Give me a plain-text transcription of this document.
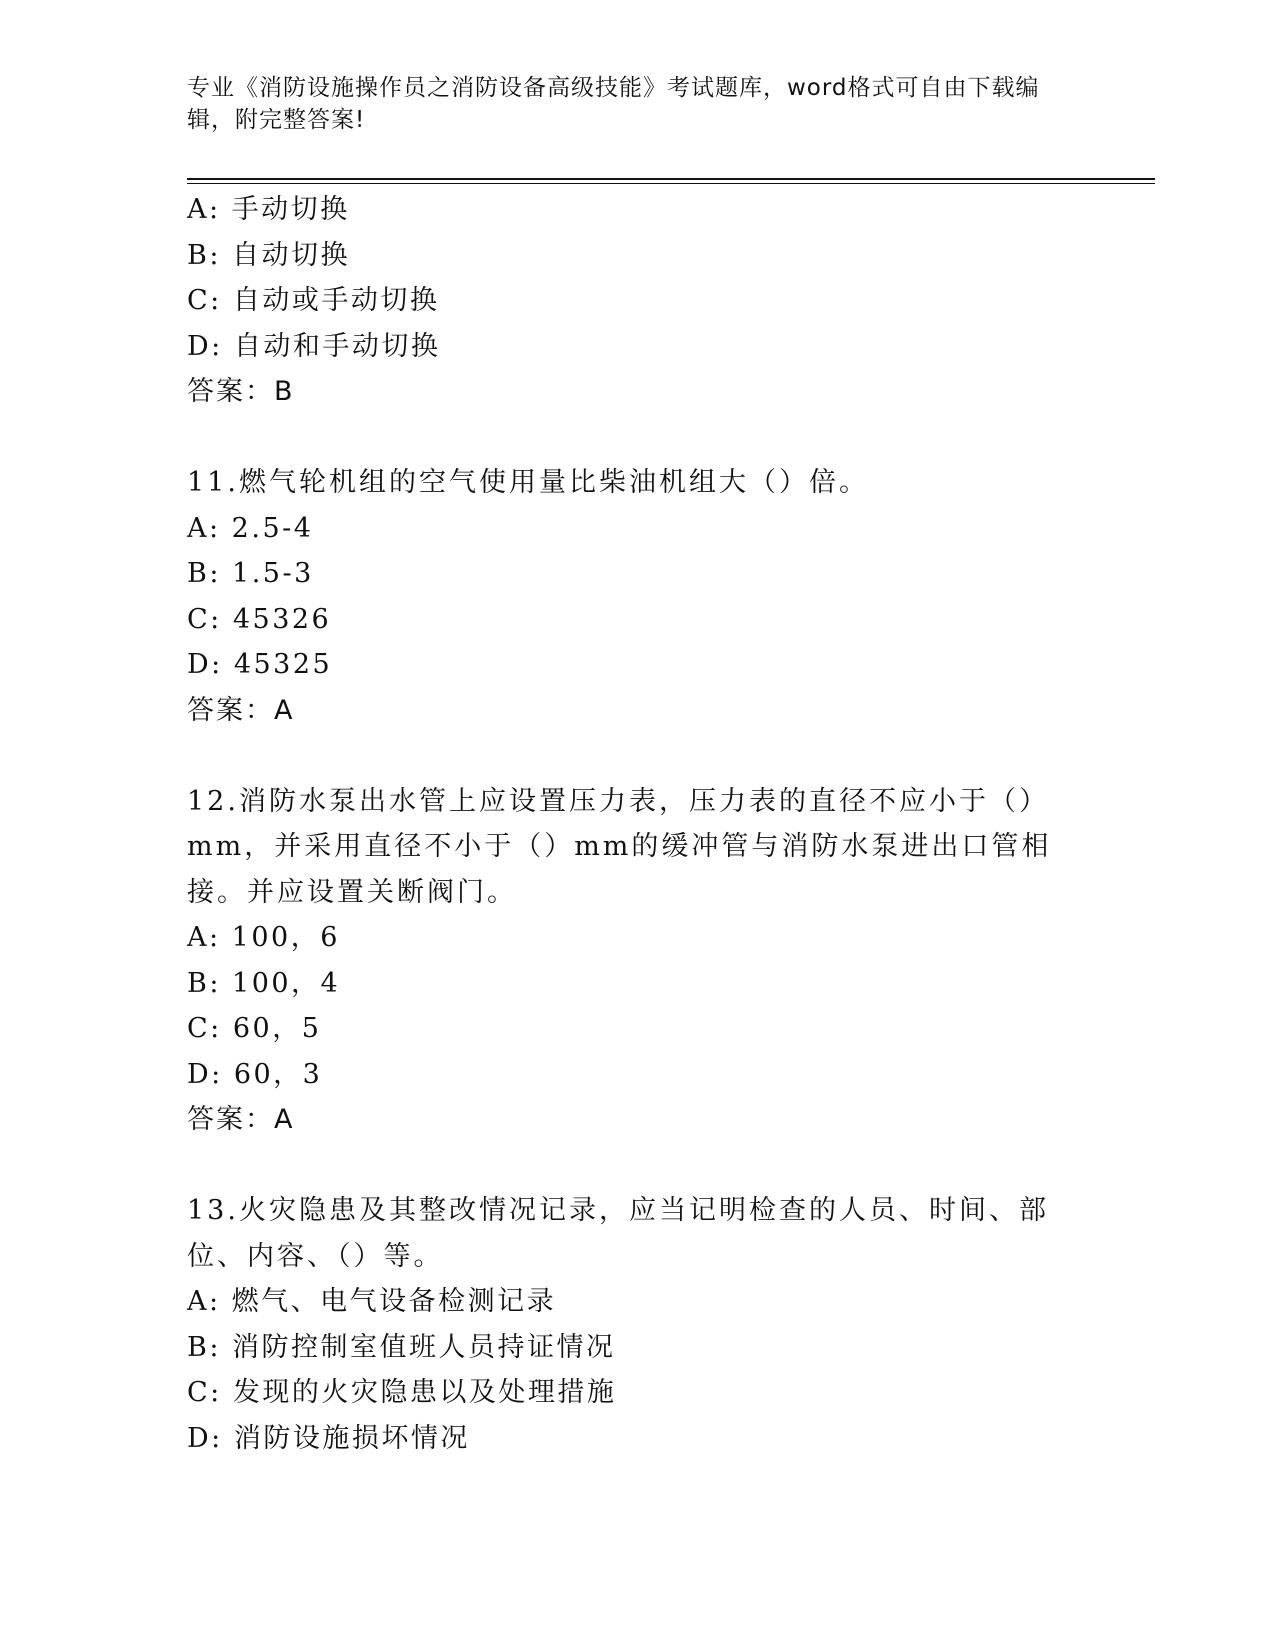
专业《消防设施操作员之消防设备高级技能》考试题库，word格式可自由下载编辑，附完整答案!
A: 手动切换
B: 自动切换
C: 自动或手动切换
D: 自动和手动切换
答案：B
11.燃气轮机组的空气使用量比柴油机组大（）倍。
A: 2.5-4
B: 1.5-3
C: 45326
D: 45325
答案：A
12.消防水泵出水管上应设置压力表，压力表的直径不应小于（）mm，并采用直径不小于（）mm的缓冲管与消防水泵进出口管相接。并应设置关断阀门。
A: 100，6
B: 100，4
C: 60，5
D: 60，3
答案：A
13.火灾隐患及其整改情况记录，应当记明检查的人员、时间、部位、内容、（）等。
A: 燃气、电气设备检测记录
B: 消防控制室值班人员持证情况
C: 发现的火灾隐患以及处理措施
D: 消防设施损坏情况
